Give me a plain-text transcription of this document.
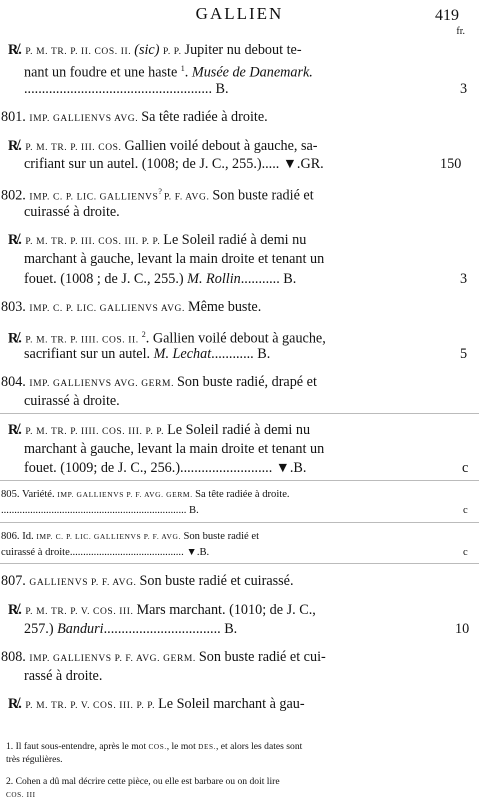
GALLIEN	419
fr.
R̸. P. M. TR. P. II. COS. II. (sic) P. P. Jupiter nu debout te-
nant un foudre et une haste $^1$. Musée de Danemark.
..................................................... B.	3
801. IMP. GALLIENVS AVG. Sa tête radiée à droite.
R̸. P. M. TR. P. III. COS. Gallien voilé debout à gauche, sa-
crifiant sur un autel. (1008; de J. C., 255.)..... ▼.GR.	150
802. IMP. C. P. LIC. GALLIENVS? P. F. AVG. Son buste radié et
cuirassé à droite.
R̸. P. M. TR. P. III. COS. III. P. P. Le Soleil radié à demi nu
marchant à gauche, levant la main droite et tenant un
fouet. (1008 ; de J. C., 255.) M. Rollin........... B.	3
803. IMP. C. P. LIC. GALLIENVS AVG. Même buste.
R̸. P. M. TR. P. IIII. COS. II. $^2$. Gallien voilé debout à gauche,
sacrifiant sur un autel. M. Lechat............ B.	5
804. IMP. GALLIENVS AVG. GERM. Son buste radié, drapé et
cuirassé à droite.
R̸. P. M. TR. P. IIII. COS. III. P. P. Le Soleil radié à demi nu
marchant à gauche, levant la main droite et tenant un
fouet. (1009; de J. C., 256.).......................... ▼.B.	c
805. Variété. IMP. GALLIENVS P. F. AVG. GERM. Sa tête radiée à droite.
...................................................................... B.	c
806. Id. IMP. C. P. LIC. GALLIENVS P. F. AVG. Son buste radié et
cuirassé à droite........................................... ▼.B.	c
807. GALLIENVS P. F. AVG. Son buste radié et cuirassé.
R̸. P. M. TR. P. V. COS. III. Mars marchant. (1010; de J. C.,
257.) Banduri................................. B.	10
808. IMP. GALLIENVS P. F. AVG. GERM. Son buste radié et cui-
rassé à droite.
R̸. P. M. TR. P. V. COS. III. P. P. Le Soleil marchant à gau-
1. Il faut sous-entendre, après le mot COS., le mot DES., et alors les dates sont
très régulières.
2. Cohen a dû mal décrire cette pièce, ou elle est barbare ou on doit lire
COS. III
